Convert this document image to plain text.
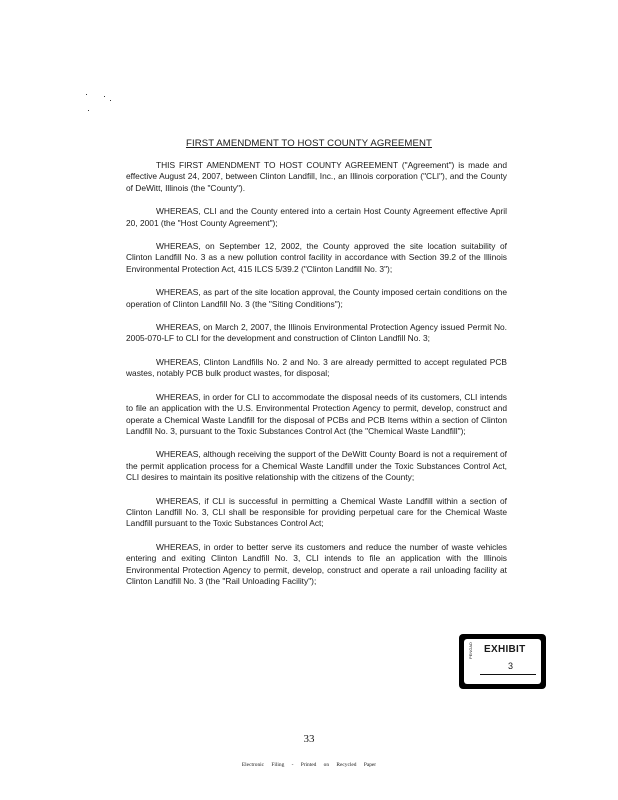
FIRST AMENDMENT TO HOST COUNTY AGREEMENT

THIS FIRST AMENDMENT TO HOST COUNTY AGREEMENT ("Agreement") is made and effective August 24, 2007, between Clinton Landfill, Inc., an Illinois corporation ("CLI"), and the County of DeWitt, Illinois (the "County").

WHEREAS, CLI and the County entered into a certain Host County Agreement effective April 20, 2001 (the "Host County Agreement");

WHEREAS, on September 12, 2002, the County approved the site location suitability of Clinton Landfill No. 3 as a new pollution control facility in accordance with Section 39.2 of the Illinois Environmental Protection Act, 415 ILCS 5/39.2 ("Clinton Landfill No. 3");

WHEREAS, as part of the site location approval, the County imposed certain conditions on the operation of Clinton Landfill No. 3 (the "Siting Conditions");

WHEREAS, on March 2, 2007, the Illinois Environmental Protection Agency issued Permit No. 2005-070-LF to CLI for the development and construction of Clinton Landfill No. 3;

WHEREAS, Clinton Landfills No. 2 and No. 3 are already permitted to accept regulated PCB wastes, notably PCB bulk product wastes, for disposal;

WHEREAS, in order for CLI to accommodate the disposal needs of its customers, CLI intends to file an application with the U.S. Environmental Protection Agency to permit, develop, construct and operate a Chemical Waste Landfill for the disposal of PCBs and PCB Items within a section of Clinton Landfill No. 3, pursuant to the Toxic Substances Control Act (the "Chemical Waste Landfill");

WHEREAS, although receiving the support of the DeWitt County Board is not a requirement of the permit application process for a Chemical Waste Landfill under the Toxic Substances Control Act, CLI desires to maintain its positive relationship with the citizens of the County;

WHEREAS, if CLI is successful in permitting a Chemical Waste Landfill within a section of Clinton Landfill No. 3, CLI shall be responsible for providing perpetual care for the Chemical Waste Landfill pursuant to the Toxic Substances Control Act;

WHEREAS, in order to better serve its customers and reduce the number of waste vehicles entering and exiting Clinton Landfill No. 3, CLI intends to file an application with the Illinois Environmental Protection Agency to permit, develop, construct and operate a rail unloading facility at Clinton Landfill No. 3 (the "Rail Unloading Facility");

PENGAD EXHIBIT
3
33
Electronic Filing - Printed on Recycled Paper
